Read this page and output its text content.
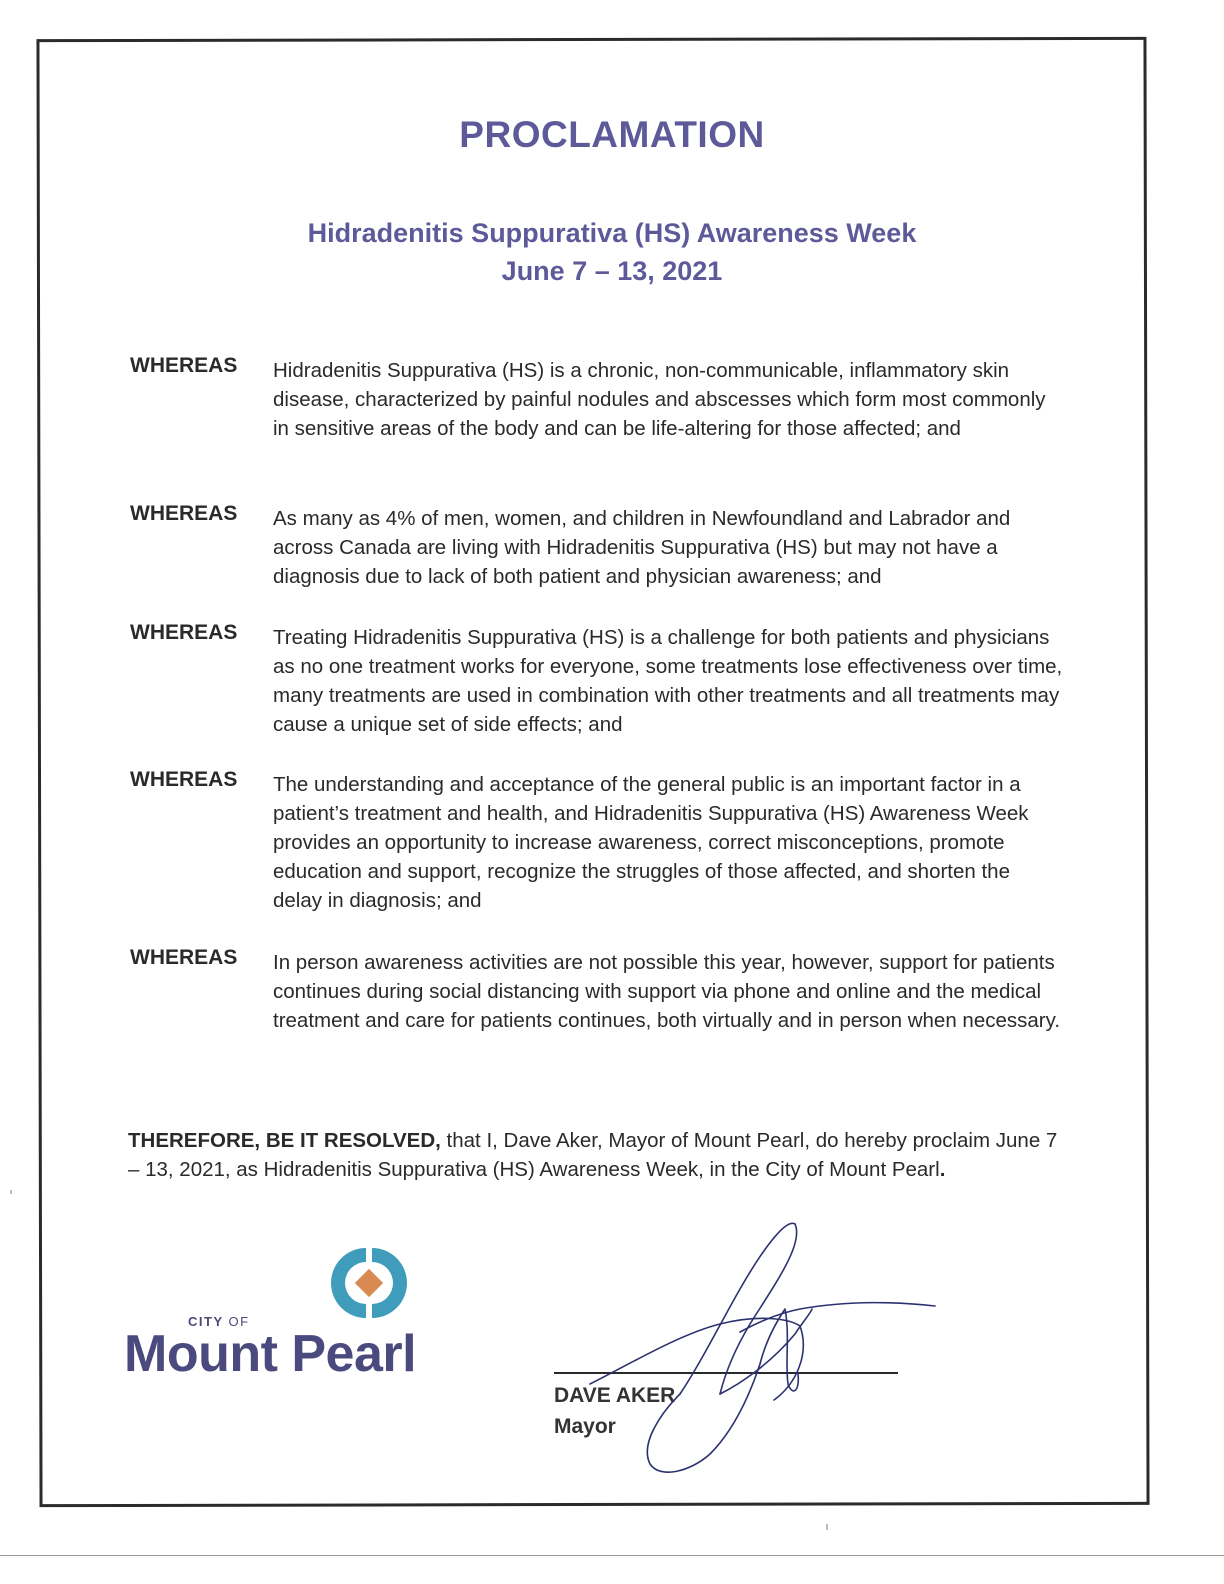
PROCLAMATION
Hidradenitis Suppurativa (HS) Awareness Week
June 7 – 13, 2021
WHEREAS Hidradenitis Suppurativa (HS) is a chronic, non-communicable, inflammatory skin disease, characterized by painful nodules and abscesses which form most commonly in sensitive areas of the body and can be life-altering for those affected; and
WHEREAS As many as 4% of men, women, and children in Newfoundland and Labrador and across Canada are living with Hidradenitis Suppurativa (HS) but may not have a diagnosis due to lack of both patient and physician awareness; and
WHEREAS Treating Hidradenitis Suppurativa (HS) is a challenge for both patients and physicians as no one treatment works for everyone, some treatments lose effectiveness over time, many treatments are used in combination with other treatments and all treatments may cause a unique set of side effects; and
WHEREAS The understanding and acceptance of the general public is an important factor in a patient’s treatment and health, and Hidradenitis Suppurativa (HS) Awareness Week provides an opportunity to increase awareness, correct misconceptions, promote education and support, recognize the struggles of those affected, and shorten the delay in diagnosis; and
WHEREAS In person awareness activities are not possible this year, however, support for patients continues during social distancing with support via phone and online and the medical treatment and care for patients continues, both virtually and in person when necessary.
THEREFORE, BE IT RESOLVED, that I, Dave Aker, Mayor of Mount Pearl, do hereby proclaim June 7 – 13, 2021, as Hidradenitis Suppurativa (HS) Awareness Week, in the City of Mount Pearl.
CITY OF
Mount Pearl
DAVE AKER
Mayor
